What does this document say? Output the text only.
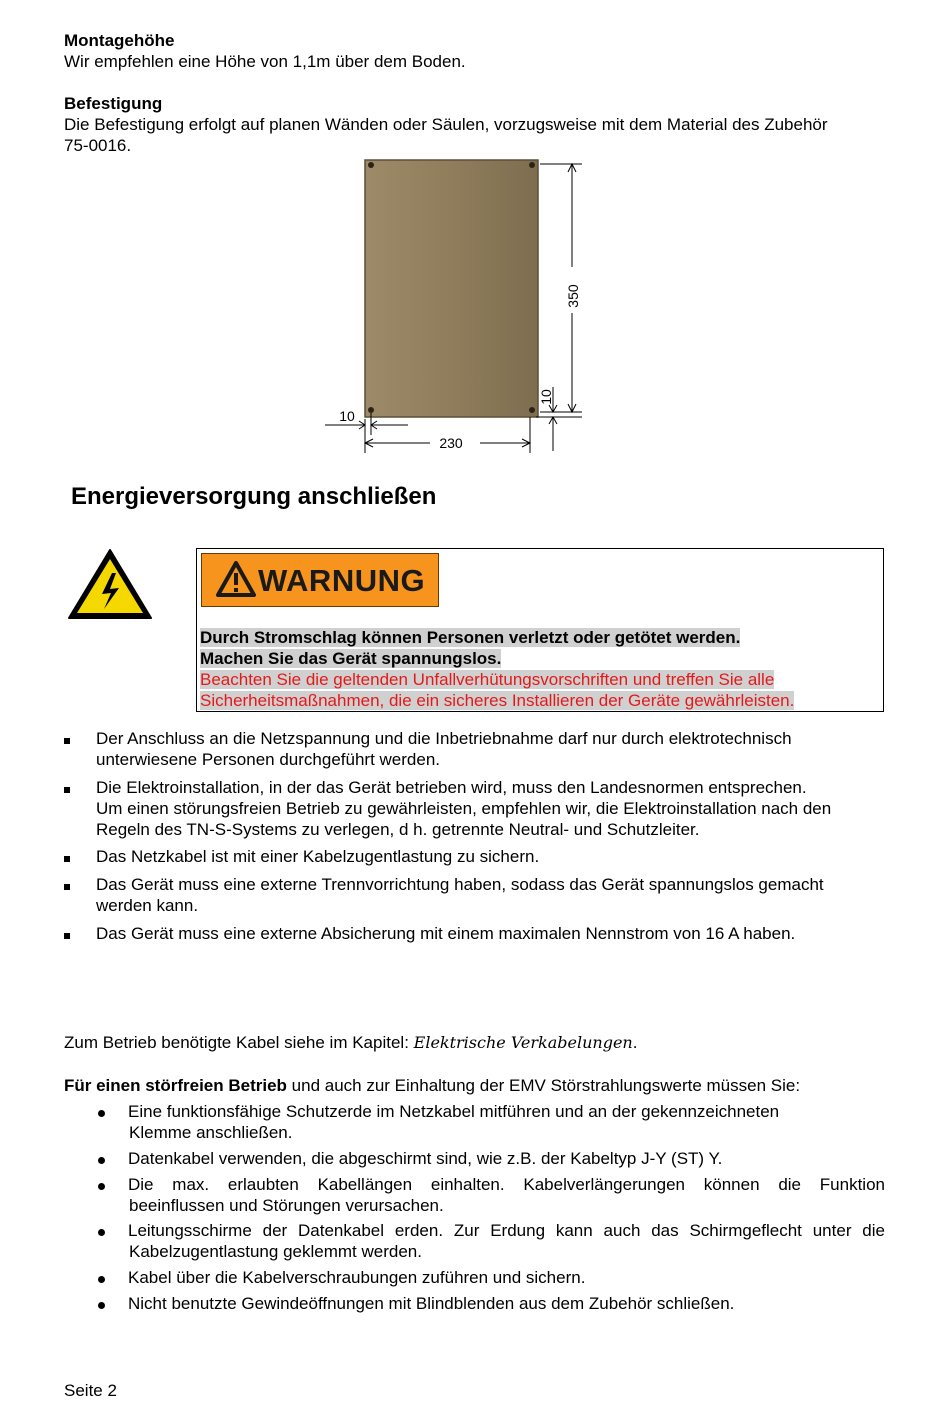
Montagehöhe
Wir empfehlen eine Höhe von 1,1m über dem Boden.
Befestigung
Die Befestigung erfolgt auf planen Wänden oder Säulen, vorzugsweise mit dem Material des Zubehör
75-0016.
350
230
10
10
Energieversorgung anschließen
WARNUNG
Durch Stromschlag können Personen verletzt oder getötet werden.
Machen Sie das Gerät spannungslos.
Beachten Sie die geltenden Unfallverhütungsvorschriften und treffen Sie alle
Sicherheitsmaßnahmen, die ein sicheres Installieren der Geräte gewährleisten.
Der Anschluss an die Netzspannung und die Inbetriebnahme darf nur durch elektrotechnisch
unterwiesene Personen durchgeführt werden.
Die Elektroinstallation, in der das Gerät betrieben wird, muss den Landesnormen entsprechen.
Um einen störungsfreien Betrieb zu gewährleisten, empfehlen wir, die Elektroinstallation nach den
Regeln des TN-S-Systems zu verlegen, d h. getrennte Neutral- und Schutzleiter.
Das Netzkabel ist mit einer Kabelzugentlastung zu sichern.
Das Gerät muss eine externe Trennvorrichtung haben, sodass das Gerät spannungslos gemacht
werden kann.
Das Gerät muss eine externe Absicherung mit einem maximalen Nennstrom von 16 A haben.
Zum Betrieb benötigte Kabel siehe im Kapitel: Elektrische Verkabelungen.
Für einen störfreien Betrieb und auch zur Einhaltung der EMV Störstrahlungswerte müssen Sie:
Eine funktionsfähige Schutzerde im Netzkabel mitführen und an der gekennzeichneten
Klemme anschließen.
Datenkabel verwenden, die abgeschirmt sind, wie z.B. der Kabeltyp J-Y (ST) Y.
Die max. erlaubten Kabellängen einhalten. Kabelverlängerungen können die Funktion
beeinflussen und Störungen verursachen.
Leitungsschirme der Datenkabel erden. Zur Erdung kann auch das Schirmgeflecht unter die
Kabelzugentlastung geklemmt werden.
Kabel über die Kabelverschraubungen zuführen und sichern.
Nicht benutzte Gewindeöffnungen mit Blindblenden aus dem Zubehör schließen.
Seite 2
